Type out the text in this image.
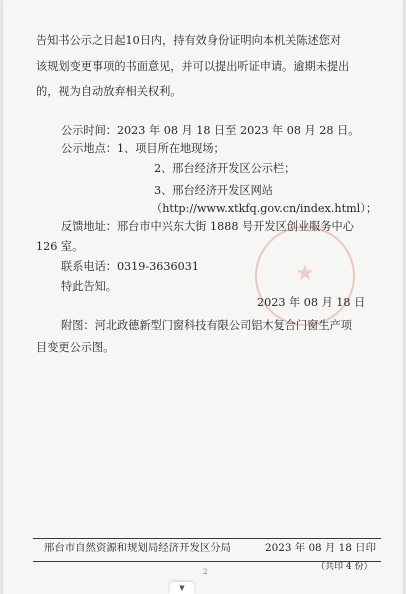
★
告知书公示之日起10日内，持有效身份证明向本机关陈述您对
该规划变更事项的书面意见，并可以提出听证申请。逾期未提出
的，视为自动放弃相关权利。
公示时间：2023 年 08 月 18 日至 2023 年 08 月 28 日。
公示地点：1、项目所在地现场；
2、邢台经济开发区公示栏；
3、邢台经济开发区网站
（http://www.xtkfq.gov.cn/index.html）；
反馈地址：邢台市中兴东大街 1888 号开发区创业服务中心
126 室。
联系电话：0319-3636031
特此告知。
2023 年 08 月 18 日
附图：河北政德新型门窗科技有限公司铝木复合门窗生产项
目变更公示图。
邢台市自然资源和规划局经济开发区分局	2023 年 08 月 18 日印
（共印 4 份）
2
▼
